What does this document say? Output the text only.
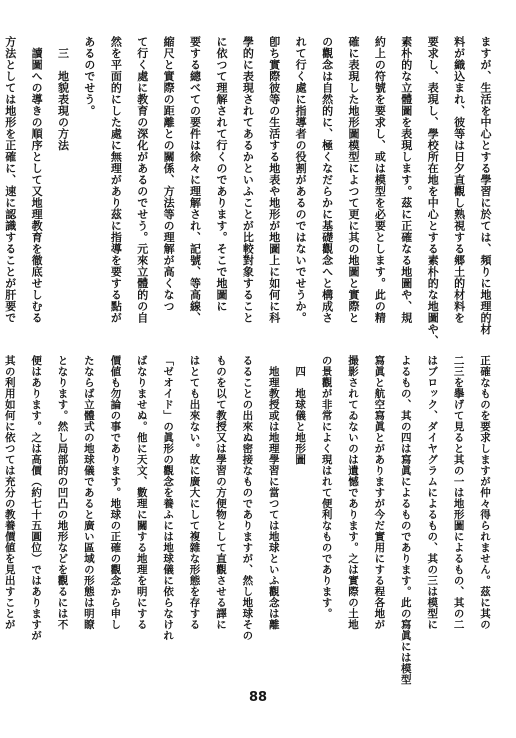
ますが、生活を中心とする學習に於ては、頻りに地理的材
料が織込まれ、彼等は日夕直觀し熟視する郷土的材料を
要求し、表現し、學校所在地を中心とする素朴的な地圖や、
素朴的な立體圖を表現します。茲に正確なる地圖や、規
約上の符號を要求し、或は模型を必要とします。此の精
確に表現した地形圖模型によつて更に其の地圖と實際と
の觀念は自然的に、極くなだらかに基礎觀念へと構成さ
れて行く處に指導者の役割があるのではないでせうか。
卽ち實際彼等の生活する地表や地形が地圖上に如何に科
學的に表現されてあるかといふことが比較對象すること
に依つて理解されて行くのであります。そこで地圖に
要する總べての要件は徐々に理解され、記號、等高線、
縮尺と實際の距離との關係、方法等の理解が高くなつ
て行く處に教育の深化があるのでせう。元來立體的の自
然を平面的にした處に無理があり茲に指導を要する點が
あるのでせう。
　三　地貌表現の方法
　讀圖への導きの順序として又地理教育を徹底せしむる
方法としては地形を正確に、速に認識することが肝要で
正確なものを要求しますが仲々得られません。茲に其の
二三を擧げて見ると其の一は地形圖によるもの、其の二
はブロック、ダイヤグラムによるもの、其の三は模型に
よるもの、其の四は寫眞によるものであります。此の寫眞には模型
寫眞と航空寫眞とがありますが今だ實用にする程各地が
撮影されてゐないのは遺憾であります。之は實際の土地
の景觀が非常によく現はれて便利なものであります。
　四　地球儀と地形圖
　地理教授或は地理學習に當つては地球といふ觀念は離
るることの出來ぬ密接なものでありますが、然し地球その
ものを以て教授又は學習の方便物として直觀させる譯に
はとても出來ない。故に廣大にして複雜な形態を存する
「ゼオイド」の眞形の觀念を養ふには地球儀に依らなけれ
ばなりませぬ。他に天文、數理に關する地理を明にする
價値も勿論の事であります。地球の正確の觀念から申し
たならば立體式の地球儀であると廣い區域の形態は明瞭
となります。然し局部的の凹凸の地形などを觀るには不
便はあります。之は高價（約七十五圓位）ではありますが
其の利用如何に依つては充分の教養價値を見出すことが
88
